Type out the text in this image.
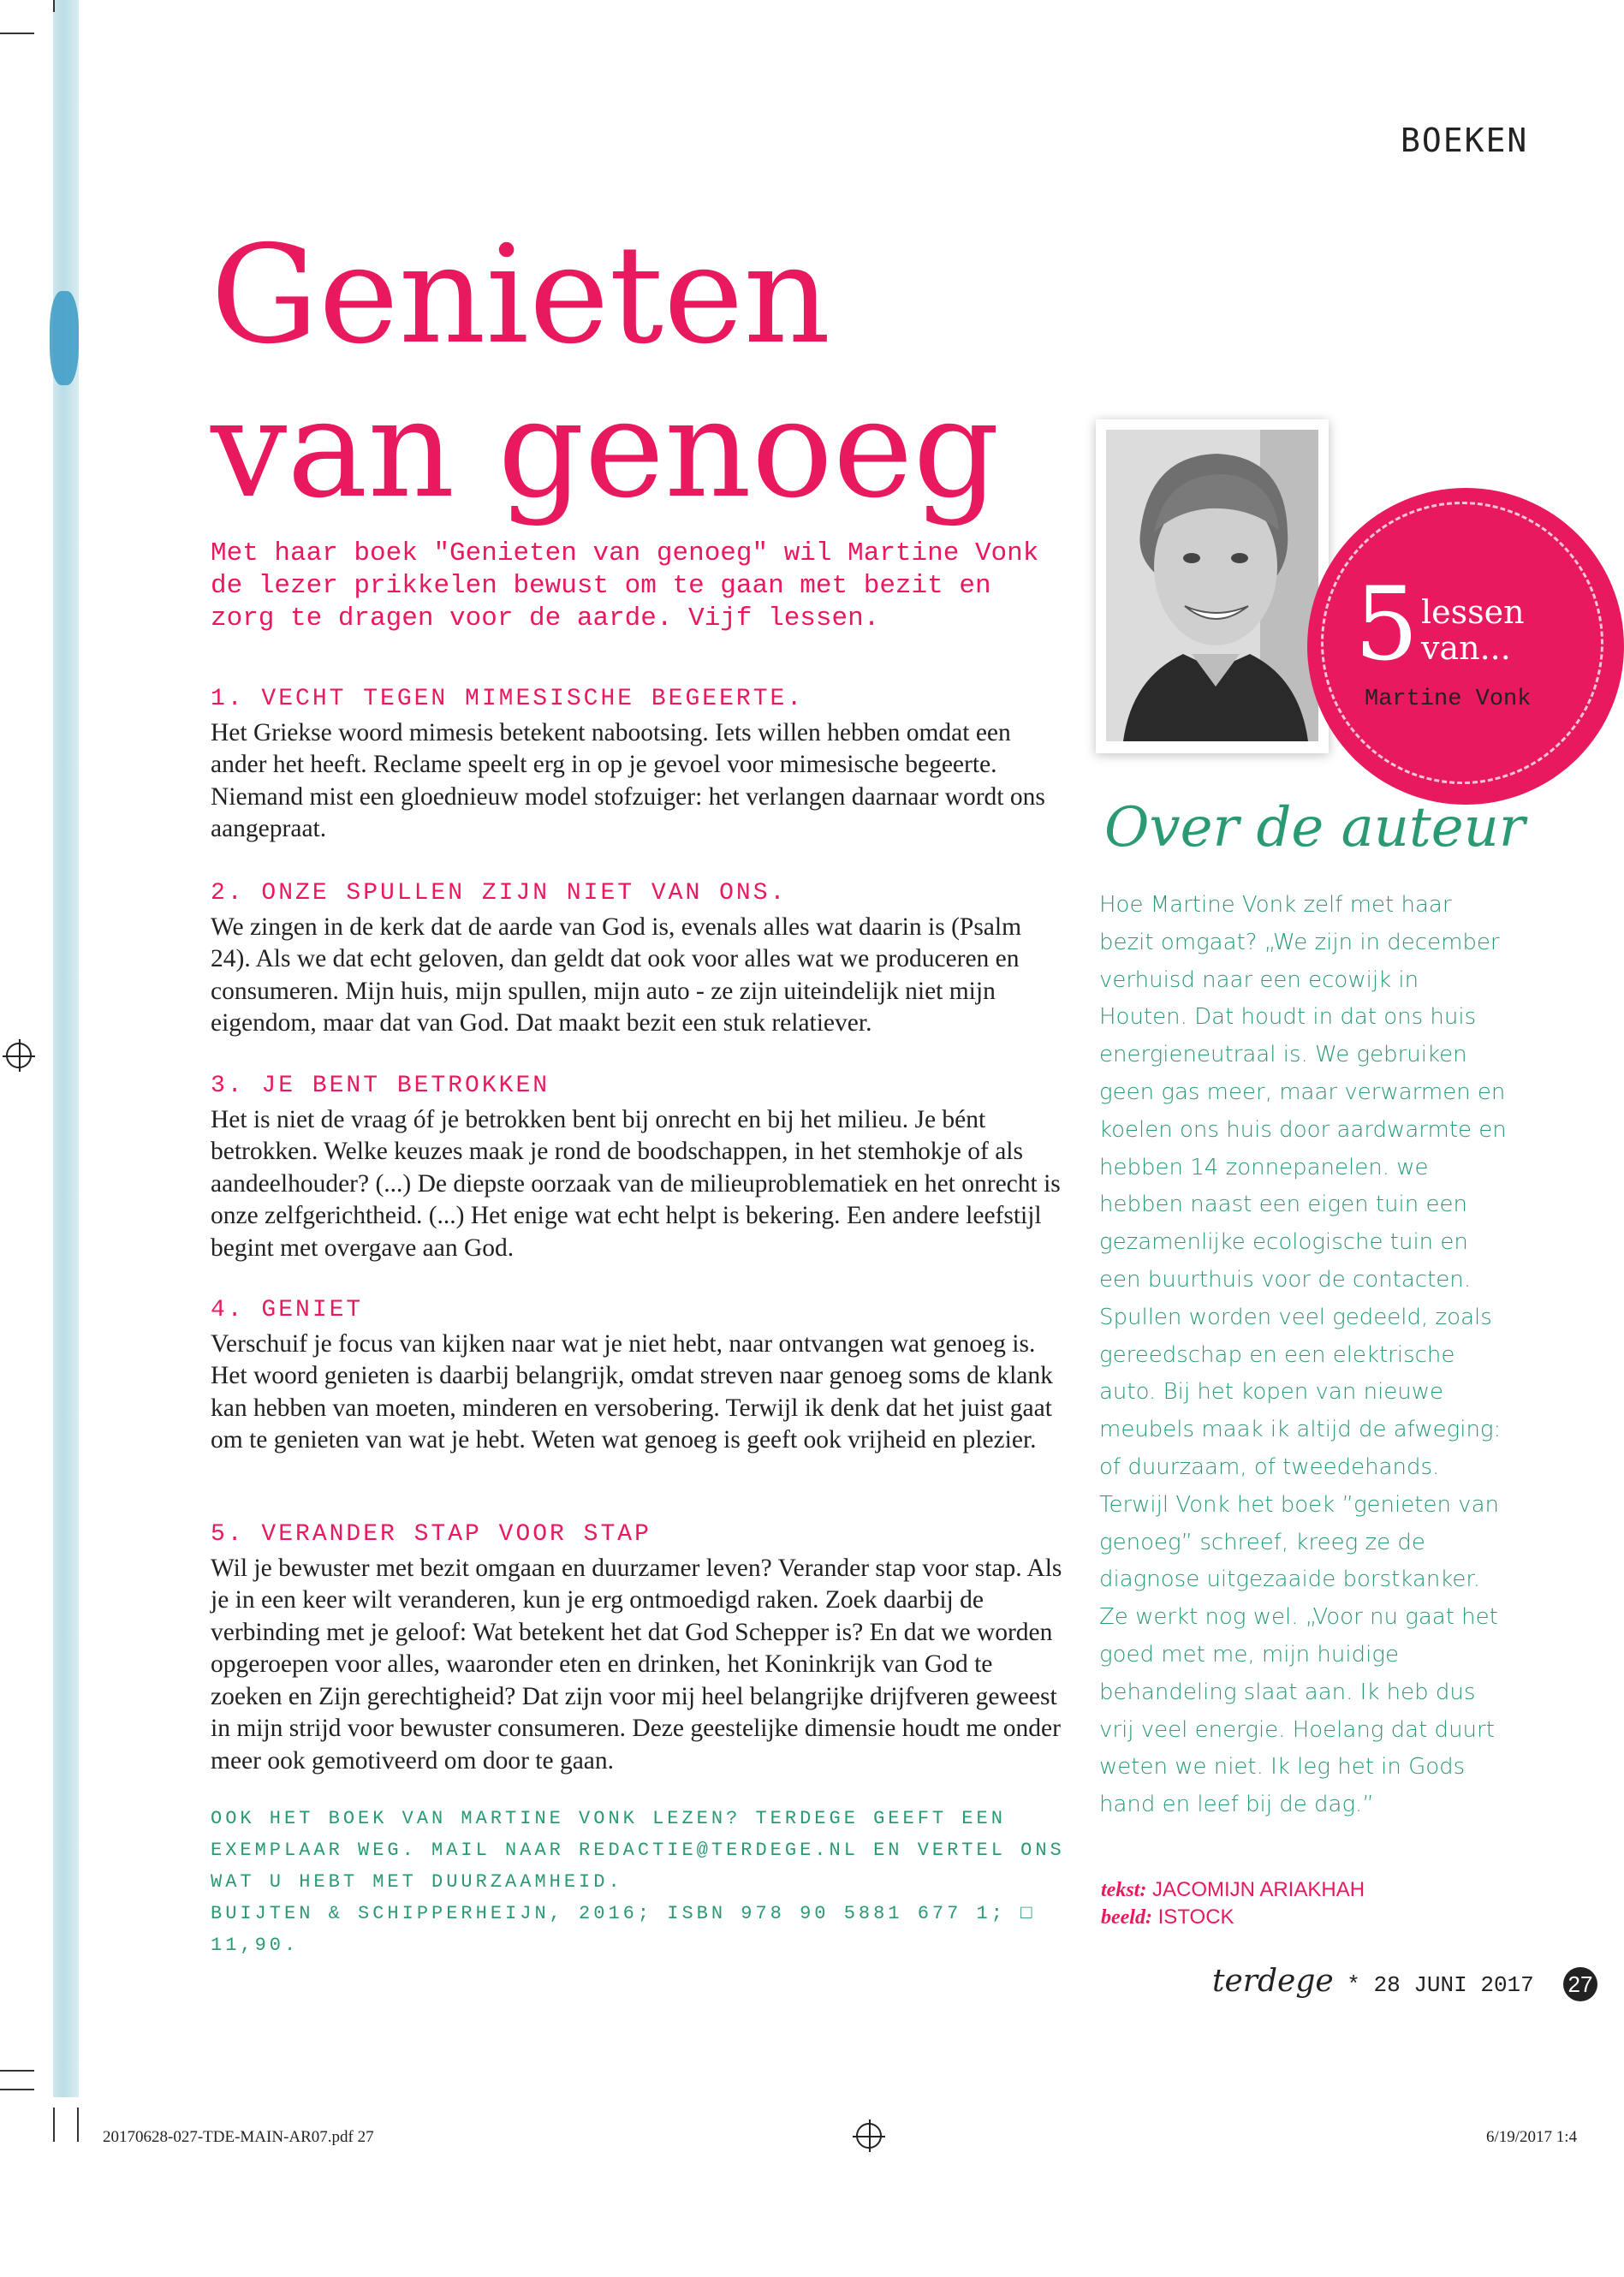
BOEKEN
Genieten
van genoeg
Met haar boek "Genieten van genoeg" wil Martine Vonk de lezer prikkelen bewust om te gaan met bezit en zorg te dragen voor de aarde. Vijf lessen.
1. VECHT TEGEN MIMESISCHE BEGEERTE.
Het Griekse woord mimesis betekent nabootsing. Iets willen hebben omdat een ander het heeft. Reclame speelt erg in op je gevoel voor mimesische begeerte. Niemand mist een gloednieuw model stofzuiger: het verlangen daarnaar wordt ons aangepraat.
2. ONZE SPULLEN ZIJN NIET VAN ONS.
We zingen in de kerk dat de aarde van God is, evenals alles wat daarin is (Psalm 24). Als we dat echt geloven, dan geldt dat ook voor alles wat we produceren en consumeren. Mijn huis, mijn spullen, mijn auto - ze zijn uiteindelijk niet mijn eigendom, maar dat van God. Dat maakt bezit een stuk relatiever.
3. JE BENT BETROKKEN
Het is niet de vraag óf je betrokken bent bij onrecht en bij het milieu. Je bént betrokken. Welke keuzes maak je rond de boodschappen, in het stemhokje of als aandeelhouder? (...) De diepste oorzaak van de milieuproblematiek en het onrecht is onze zelfgerichtheid. (...) Het enige wat echt helpt is bekering. Een andere leefstijl begint met overgave aan God.
4. GENIET
Verschuif je focus van kijken naar wat je niet hebt, naar ontvangen wat genoeg is. Het woord genieten is daarbij belangrijk, omdat streven naar genoeg soms de klank kan hebben van moeten, minderen en versobering. Terwijl ik denk dat het juist gaat om te genieten van wat je hebt. Weten wat genoeg is geeft ook vrijheid en plezier.
5. VERANDER STAP VOOR STAP
Wil je bewuster met bezit omgaan en duurzamer leven? Verander stap voor stap. Als je in een keer wilt veranderen, kun je erg ontmoedigd raken. Zoek daarbij de verbinding met je geloof: Wat betekent het dat God Schepper is? En dat we worden opgeroepen voor alles, waaronder eten en drinken, het Koninkrijk van God te zoeken en Zijn gerechtigheid? Dat zijn voor mij heel belangrijke drijfveren geweest in mijn strijd voor bewuster consumeren. Deze geestelijke dimensie houdt me onder meer ook gemotiveerd om door te gaan.
OOK HET BOEK VAN MARTINE VONK LEZEN? TERDEGE GEEFT EEN EXEMPLAAR WEG. MAIL NAAR REDACTIE@TERDEGE.NL EN VERTEL ONS WAT U HEBT MET DUURZAAMHEID.
BUIJTEN & SCHIPPERHEIJN, 2016; ISBN 978 90 5881 677 1; □ 11,90.
5 lessen
van...
Martine Vonk
Over de auteur
Hoe Martine Vonk zelf met haar bezit omgaat? „We zijn in december verhuisd naar een ecowijk in Houten. Dat houdt in dat ons huis energieneutraal is. We gebruiken geen gas meer, maar verwarmen en koelen ons huis door aardwarmte en hebben 14 zonnepanelen. we hebben naast een eigen tuin een gezamenlijke ecologische tuin en een buurthuis voor de contacten. Spullen worden veel gedeeld, zoals gereedschap en een elektrische auto. Bij het kopen van nieuwe meubels maak ik altijd de afweging: of duurzaam, of tweedehands. Terwijl Vonk het boek ”genieten van genoeg” schreef, kreeg ze de diagnose uitgezaaide borstkanker. Ze werkt nog wel. „Voor nu gaat het goed met me, mijn huidige behandeling slaat aan. Ik heb dus vrij veel energie. Hoelang dat duurt weten we niet. Ik leg het in Gods hand en leef bij de dag.”
tekst: JACOMIJN ARIAKHAH
beeld: ISTOCK
terdege * 28 JUNI 2017 27
20170628-027-TDE-MAIN-AR07.pdf 27	6/19/2017 1:4
